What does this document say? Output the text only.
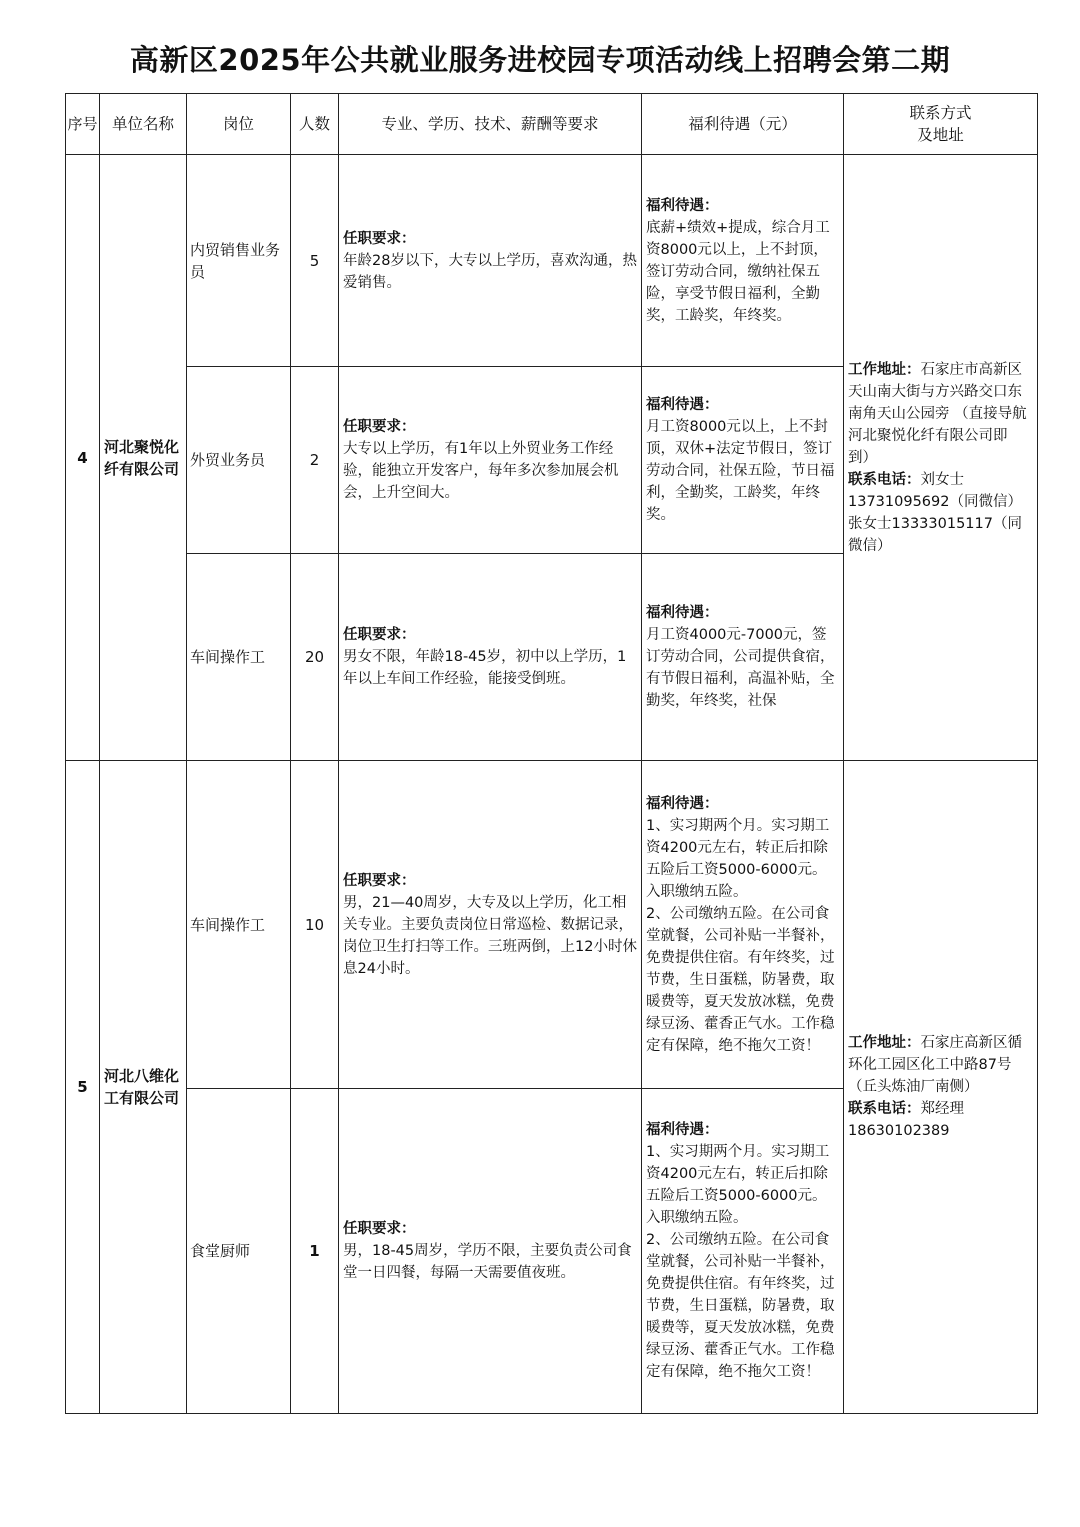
高新区2025年公共就业服务进校园专项活动线上招聘会第二期
序号	单位名称	岗位	人数	专业、学历、技术、薪酬等要求	福利待遇（元）	联系方式
及地址

4	河北聚悦化纤有限公司	内贸销售业务员	5	任职要求：
年龄28岁以下，大专以上学历，喜欢沟通，热爱销售。	福利待遇：
底薪+绩效+提成，综合月工资8000元以上，上不封顶，签订劳动合同，缴纳社保五险，享受节假日福利，全勤奖，工龄奖，年终奖。	工作地址：石家庄市高新区天山南大街与方兴路交口东南角天山公园旁 （直接导航河北聚悦化纤有限公司即到）
联系电话：刘女士13731095692（同微信）
张女士13333015117（同微信）
		外贸业务员	2	任职要求：
大专以上学历，有1年以上外贸业务工作经验，能独立开发客户，每年多次参加展会机会，上升空间大。	福利待遇：
月工资8000元以上，上不封顶，双休+法定节假日，签订劳动合同，社保五险，节日福利，全勤奖，工龄奖，年终奖。	
		车间操作工	20	任职要求：
男女不限，年龄18-45岁，初中以上学历，1年以上车间工作经验，能接受倒班。	福利待遇：
月工资4000元-7000元，签订劳动合同，公司提供食宿，有节假日福利，高温补贴，全勤奖，年终奖，社保	
5	河北八维化工有限公司	车间操作工	10	任职要求：
男，21—40周岁，大专及以上学历，化工相关专业。主要负责岗位日常巡检、数据记录，岗位卫生打扫等工作。三班两倒，上12小时休息24小时。	福利待遇：
1、实习期两个月。实习期工资4200元左右，转正后扣除五险后工资5000-6000元。入职缴纳五险。
2、公司缴纳五险。在公司食堂就餐，公司补贴一半餐补，免费提供住宿。有年终奖，过节费，生日蛋糕，防暑费，取暖费等，夏天发放冰糕，免费绿豆汤、藿香正气水。工作稳定有保障，绝不拖欠工资！	工作地址：石家庄高新区循环化工园区化工中路87号（丘头炼油厂南侧）
联系电话：郑经理18630102389
		食堂厨师	1	任职要求：
男，18-45周岁，学历不限，主要负责公司食堂一日四餐，每隔一天需要值夜班。	福利待遇：
1、实习期两个月。实习期工资4200元左右，转正后扣除五险后工资5000-6000元。入职缴纳五险。
2、公司缴纳五险。在公司食堂就餐，公司补贴一半餐补，免费提供住宿。有年终奖，过节费，生日蛋糕，防暑费，取暖费等，夏天发放冰糕，免费绿豆汤、藿香正气水。工作稳定有保障，绝不拖欠工资！	
